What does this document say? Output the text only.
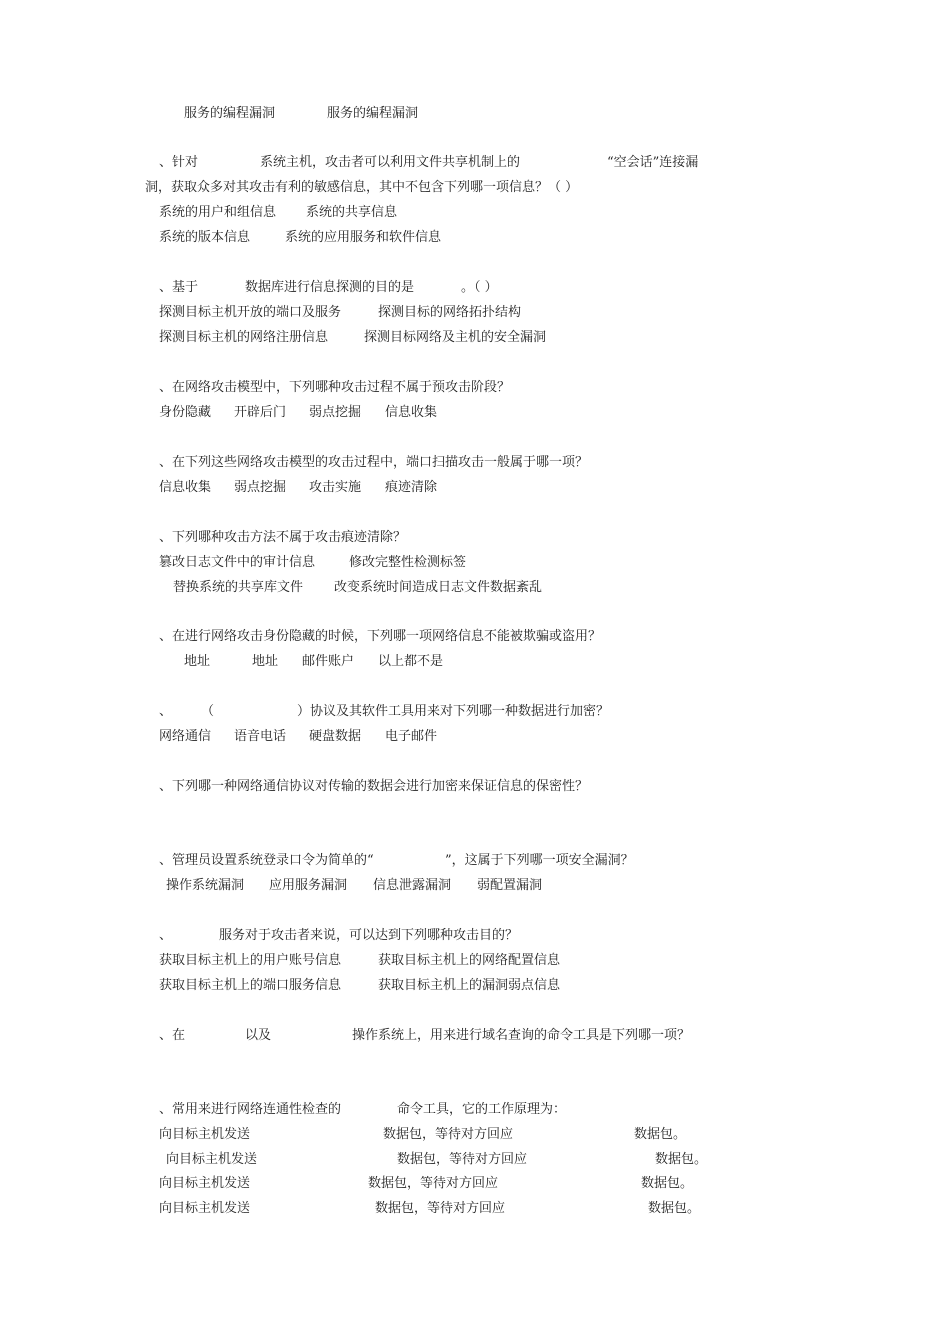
服务的编程漏洞	服务的编程漏洞
、针对	系统主机，攻击者可以利用文件共享机制上的	“空会话”连接漏
洞，获取众多对其攻击有利的敏感信息，其中不包含下列哪一项信息？（ ）
系统的用户和组信息 系统的共享信息
系统的版本信息	系统的应用服务和软件信息
、基于	数据库进行信息探测的目的是	。（ ）
探测目标主机开放的端口及服务	探测目标的网络拓扑结构
探测目标主机的网络注册信息	探测目标网络及主机的安全漏洞
、在网络攻击模型中，下列哪种攻击过程不属于预攻击阶段？
身份隐藏 开辟后门 弱点挖掘 信息收集
、在下列这些网络攻击模型的攻击过程中，端口扫描攻击一般属于哪一项？
信息收集 弱点挖掘 攻击实施 痕迹清除
、下列哪种攻击方法不属于攻击痕迹清除？
篡改日志文件中的审计信息	修改完整性检测标签
替换系统的共享库文件 改变系统时间造成日志文件数据紊乱
、在进行网络攻击身份隐藏的时候，下列哪一项网络信息不能被欺骗或盗用？
地址	地址 邮件账户 以上都不是
、 （	）协议及其软件工具用来对下列哪一种数据进行加密？
网络通信 语音电话 硬盘数据 电子邮件
、下列哪一种网络通信协议对传输的数据会进行加密来保证信息的保密性？
、管理员设置系统登录口令为简单的“	”，这属于下列哪一项安全漏洞？
操作系统漏洞 应用服务漏洞 信息泄露漏洞 弱配置漏洞
、	服务对于攻击者来说，可以达到下列哪种攻击目的？
获取目标主机上的用户账号信息	获取目标主机上的网络配置信息
获取目标主机上的端口服务信息	获取目标主机上的漏洞弱点信息
、在	以及	操作系统上，用来进行域名查询的命令工具是下列哪一项？
、常用来进行网络连通性检查的	命令工具，它的工作原理为：
向目标主机发送	数据包，等待对方回应	数据包。
向目标主机发送	数据包，等待对方回应	数据包。
向目标主机发送	数据包，等待对方回应	数据包。
向目标主机发送	数据包，等待对方回应	数据包。
